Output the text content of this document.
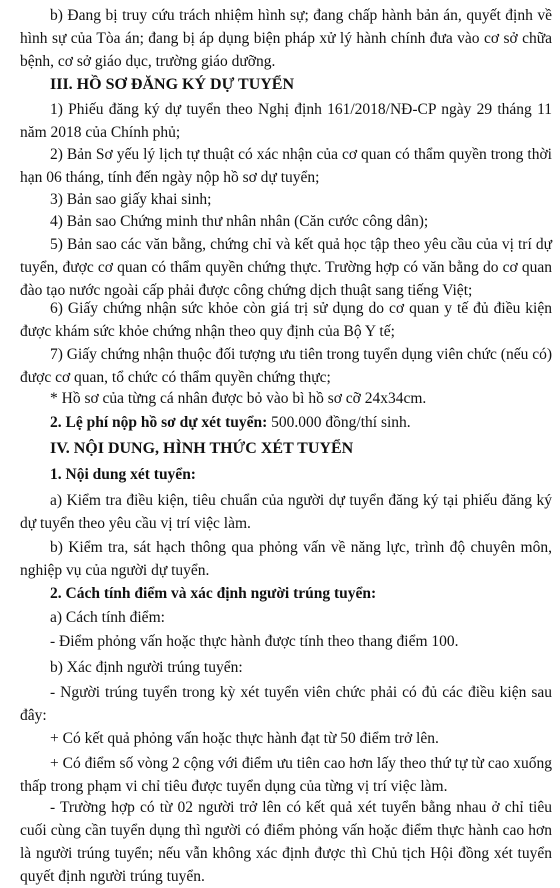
b) Đang bị truy cứu trách nhiệm hình sự; đang chấp hành bản án, quyết định về hình sự của Tòa án; đang bị áp dụng biện pháp xử lý hành chính đưa vào cơ sở chữa bệnh, cơ sở giáo dục, trường giáo dưỡng.

III. HỒ SƠ ĐĂNG KÝ DỰ TUYỂN

1) Phiếu đăng ký dự tuyển theo Nghị định 161/2018/NĐ-CP ngày 29 tháng 11 năm 2018 của Chính phủ;

2) Bản Sơ yếu lý lịch tự thuật có xác nhận của cơ quan có thẩm quyền trong thời hạn 06 tháng, tính đến ngày nộp hồ sơ dự tuyển;

3) Bản sao giấy khai sinh;

4) Bản sao Chứng minh thư nhân nhân (Căn cước công dân);

5) Bản sao các văn bằng, chứng chỉ và kết quả học tập theo yêu cầu của vị trí dự tuyển, được cơ quan có thẩm quyền chứng thực. Trường hợp có văn bằng do cơ quan đào tạo nước ngoài cấp phải được công chứng dịch thuật sang tiếng Việt;

6) Giấy chứng nhận sức khỏe còn giá trị sử dụng do cơ quan y tế đủ điều kiện được khám sức khỏe chứng nhận theo quy định của Bộ Y tế;

7) Giấy chứng nhận thuộc đối tượng ưu tiên trong tuyển dụng viên chức (nếu có) được cơ quan, tổ chức có thẩm quyền chứng thực;

* Hồ sơ của từng cá nhân được bỏ vào bì hồ sơ cỡ 24x34cm.

2. Lệ phí nộp hồ sơ dự xét tuyển: 500.000 đồng/thí sinh.

IV. NỘI DUNG, HÌNH THỨC XÉT TUYỂN

1. Nội dung xét tuyển:

a) Kiểm tra điều kiện, tiêu chuẩn của người dự tuyển đăng ký tại phiếu đăng ký dự tuyển theo yêu cầu vị trí việc làm.

b) Kiểm tra, sát hạch thông qua phỏng vấn về năng lực, trình độ chuyên môn, nghiệp vụ của người dự tuyển.

2. Cách tính điểm và xác định người trúng tuyển:

a) Cách tính điểm:

- Điểm phỏng vấn hoặc thực hành được tính theo thang điểm 100.

b) Xác định người trúng tuyển:

- Người trúng tuyển trong kỳ xét tuyển viên chức phải có đủ các điều kiện sau đây:

+ Có kết quả phỏng vấn hoặc thực hành đạt từ 50 điểm trở lên.

+ Có điểm số vòng 2 cộng với điểm ưu tiên cao hơn lấy theo thứ tự từ cao xuống thấp trong phạm vi chỉ tiêu được tuyển dụng của từng vị trí việc làm.

- Trường hợp có từ 02 người trở lên có kết quả xét tuyển bằng nhau ở chỉ tiêu cuối cùng cần tuyển dụng thì người có điểm phỏng vấn hoặc điểm thực hành cao hơn là người trúng tuyển; nếu vẫn không xác định được thì Chủ tịch Hội đồng xét tuyển quyết định người trúng tuyển.
